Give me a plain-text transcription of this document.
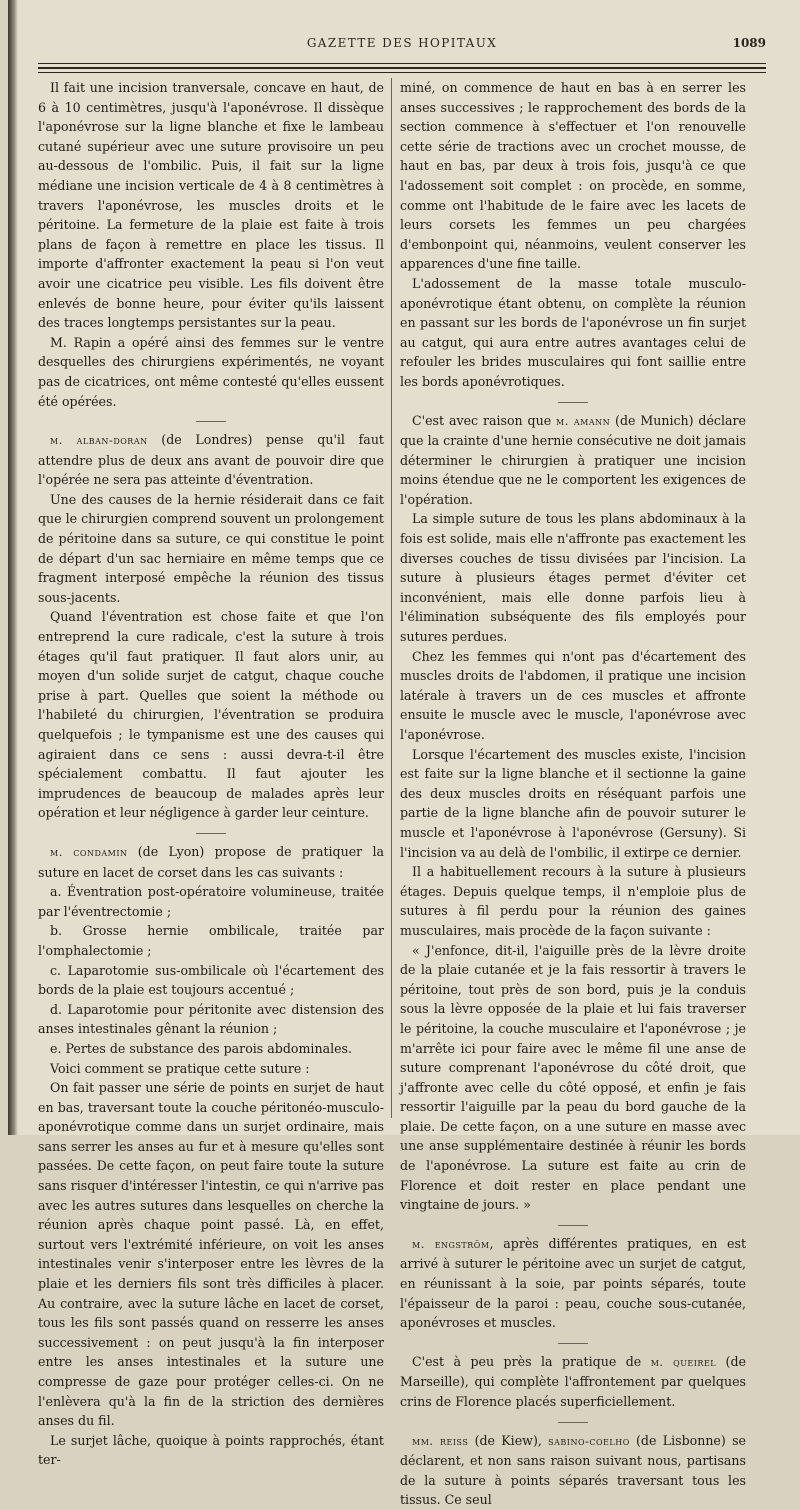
GAZETTE DES HOPITAUX	1089

Il fait une incision tranversale, concave en haut, de 6 à 10 centimètres, jusqu'à l'aponévrose. Il dissèque l'aponévrose sur la ligne blanche et fixe le lambeau cutané supérieur avec une suture provisoire un peu au-dessous de l'ombilic. Puis, il fait sur la ligne médiane une incision verticale de 4 à 8 centimètres à travers l'aponévrose, les muscles droits et le péritoine. La fermeture de la plaie est faite à trois plans de façon à remettre en place les tissus. Il importe d'affronter exactement la peau si l'on veut avoir une cicatrice peu visible. Les fils doivent être enlevés de bonne heure, pour éviter qu'ils laissent des traces longtemps persistantes sur la peau.

M. Rapin a opéré ainsi des femmes sur le ventre desquelles des chirurgiens expérimentés, ne voyant pas de cicatrices, ont même contesté qu'elles eussent été opérées.

m. alban-doran (de Londres) pense qu'il faut attendre plus de deux ans avant de pouvoir dire que l'opérée ne sera pas atteinte d'éventration.

Une des causes de la hernie résiderait dans ce fait que le chirurgien comprend souvent un prolongement de péritoine dans sa suture, ce qui constitue le point de départ d'un sac herniaire en même temps que ce fragment interposé empêche la réunion des tissus sous-jacents.

Quand l'éventration est chose faite et que l'on entreprend la cure radicale, c'est la suture à trois étages qu'il faut pratiquer. Il faut alors unir, au moyen d'un solide surjet de catgut, chaque couche prise à part. Quelles que soient la méthode ou l'habileté du chirurgien, l'éventration se produira quelquefois ; le tympanisme est une des causes qui agiraient dans ce sens : aussi devra-t-il être spécialement combattu. Il faut ajouter les imprudences de beaucoup de malades après leur opération et leur négligence à garder leur ceinture.

m. condamin (de Lyon) propose de pratiquer la suture en lacet de corset dans les cas suivants :

a. Éventration post-opératoire volumineuse, traitée par l'éventrectomie ;

b. Grosse hernie ombilicale, traitée par l'omphalectomie ;

c. Laparotomie sus-ombilicale où l'écartement des bords de la plaie est toujours accentué ;

d. Laparotomie pour péritonite avec distension des anses intestinales gênant la réunion ;

e. Pertes de substance des parois abdominales.

Voici comment se pratique cette suture :

On fait passer une série de points en surjet de haut en bas, traversant toute la couche péritonéo-musculo-aponévrotique comme dans un surjet ordinaire, mais sans serrer les anses au fur et à mesure qu'elles sont passées. De cette façon, on peut faire toute la suture sans risquer d'intéresser l'intestin, ce qui n'arrive pas avec les autres sutures dans lesquelles on cherche la réunion après chaque point passé. Là, en effet, surtout vers l'extrémité inférieure, on voit les anses intestinales venir s'interposer entre les lèvres de la plaie et les derniers fils sont très difficiles à placer. Au contraire, avec la suture lâche en lacet de corset, tous les fils sont passés quand on resserre les anses successivement : on peut jusqu'à la fin interposer entre les anses intestinales et la suture une compresse de gaze pour protéger celles-ci. On ne l'enlèvera qu'à la fin de la striction des dernières anses du fil.

Le surjet lâche, quoique à points rapprochés, étant ter-

miné, on commence de haut en bas à en serrer les anses successives ; le rapprochement des bords de la section commence à s'effectuer et l'on renouvelle cette série de tractions avec un crochet mousse, de haut en bas, par deux à trois fois, jusqu'à ce que l'adossement soit complet : on procède, en somme, comme ont l'habitude de le faire avec les lacets de leurs corsets les femmes un peu chargées d'embonpoint qui, néanmoins, veulent conserver les apparences d'une fine taille.

L'adossement de la masse totale musculo-aponévrotique étant obtenu, on complète la réunion en passant sur les bords de l'aponévrose un fin surjet au catgut, qui aura entre autres avantages celui de refouler les brides musculaires qui font saillie entre les bords aponévrotiques.

C'est avec raison que m. amann (de Munich) déclare que la crainte d'une hernie consécutive ne doit jamais déterminer le chirurgien à pratiquer une incision moins étendue que ne le comportent les exigences de l'opération.

La simple suture de tous les plans abdominaux à la fois est solide, mais elle n'affronte pas exactement les diverses couches de tissu divisées par l'incision. La suture à plusieurs étages permet d'éviter cet inconvénient, mais elle donne parfois lieu à l'élimination subséquente des fils employés pour sutures perdues.

Chez les femmes qui n'ont pas d'écartement des muscles droits de l'abdomen, il pratique une incision latérale à travers un de ces muscles et affronte ensuite le muscle avec le muscle, l'aponévrose avec l'aponévrose.

Lorsque l'écartement des muscles existe, l'incision est faite sur la ligne blanche et il sectionne la gaine des deux muscles droits en réséquant parfois une partie de la ligne blanche afin de pouvoir suturer le muscle et l'aponévrose à l'aponévrose (Gersuny). Si l'incision va au delà de l'ombilic, il extirpe ce dernier.

Il a habituellement recours à la suture à plusieurs étages. Depuis quelque temps, il n'emploie plus de sutures à fil perdu pour la réunion des gaines musculaires, mais procède de la façon suivante :

« J'enfonce, dit-il, l'aiguille près de la lèvre droite de la plaie cutanée et je la fais ressortir à travers le péritoine, tout près de son bord, puis je la conduis sous la lèvre opposée de la plaie et lui fais traverser le péritoine, la couche musculaire et l'aponévrose ; je m'arrête ici pour faire avec le même fil une anse de suture comprenant l'aponévrose du côté droit, que j'affronte avec celle du côté opposé, et enfin je fais ressortir l'aiguille par la peau du bord gauche de la plaie. De cette façon, on a une suture en masse avec une anse supplémentaire destinée à réunir les bords de l'aponévrose. La suture est faite au crin de Florence et doit rester en place pendant une vingtaine de jours. »

m. engström, après différentes pratiques, en est arrivé à suturer le péritoine avec un surjet de catgut, en réunissant à la soie, par points séparés, toute l'épaisseur de la paroi : peau, couche sous-cutanée, aponévroses et muscles.

C'est à peu près la pratique de m. queirel (de Marseille), qui complète l'affrontement par quelques crins de Florence placés superficiellement.

mm. reiss (de Kiew), sabino-coelho (de Lisbonne) se déclarent, et non sans raison suivant nous, partisans de la suture à points séparés traversant tous les tissus. Ce seul
